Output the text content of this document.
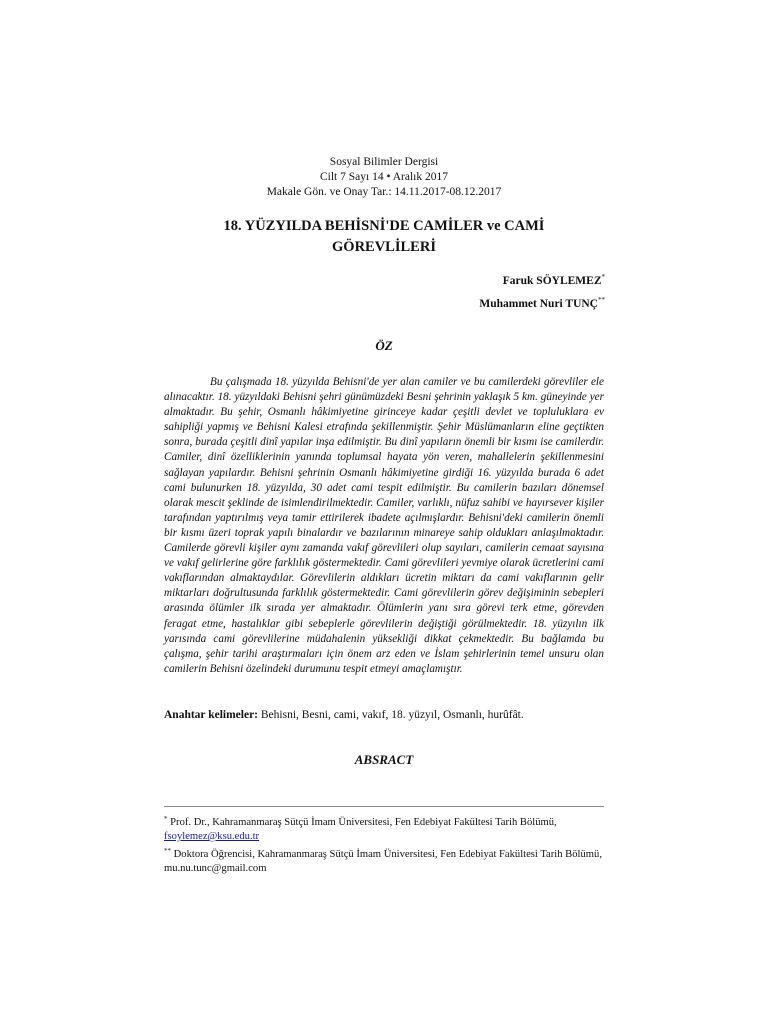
Sosyal Bilimler Dergisi
Cilt 7 Sayı 14 • Aralık 2017
Makale Gön. ve Onay Tar.: 14.11.2017-08.12.2017
18. YÜZYILDA BEHİSNİ'DE CAMİLER ve CAMİ
GÖREVLİLERİ
Faruk SÖYLEMEZ*
Muhammet Nuri TUNÇ**
ÖZ

Bu çalışmada 18. yüzyılda Behisni'de yer alan camiler ve bu camilerdeki görevliler ele alınacaktır. 18. yüzyıldaki Behisni şehri günümüzdeki Besni şehrinin yaklaşık 5 km. güneyinde yer almaktadır. Bu şehir, Osmanlı hâkimiyetine girinceye kadar çeşitli devlet ve topluluklara ev sahipliği yapmış ve Behisni Kalesi etrafında şekillenmiştir. Şehir Müslümanların eline geçtikten sonra, burada çeşitli dinî yapılar inşa edilmiştir. Bu dinî yapıların önemli bir kısmı ise camilerdir. Camiler, dinî özelliklerinin yanında toplumsal hayata yön veren, mahallelerin şekillenmesini sağlayan yapılardır. Behisni şehrinin Osmanlı hâkimiyetine girdiği 16. yüzyılda burada 6 adet cami bulunurken 18. yüzyılda, 30 adet cami tespit edilmiştir. Bu camilerin bazıları dönemsel olarak mescit şeklinde de isimlendirilmektedir. Camiler, varlıklı, nüfuz sahibi ve hayırsever kişiler tarafından yaptırılmış veya tamir ettirilerek ibadete açılmışlardır. Behisni'deki camilerin önemli bir kısmı üzeri toprak yapılı binalardır ve bazılarının minareye sahip oldukları anlaşılmaktadır. Camilerde görevli kişiler aynı zamanda vakıf görevlileri olup sayıları, camilerin cemaat sayısına ve vakıf gelirlerine göre farklılık göstermektedir. Cami görevlileri yevmiye olarak ücretlerini cami vakıflarından almaktaydılar. Görevlilerin aldıkları ücretin miktarı da cami vakıflarının gelir miktarları doğrultusunda farklılık göstermektedir. Cami görevlilerin görev değişiminin sebepleri arasında ölümler ilk sırada yer almaktadır. Ölümlerin yanı sıra görevi terk etme, görevden feragat etme, hastalıklar gibi sebeplerle görevlilerin değiştiği görülmektedir. 18. yüzyılın ilk yarısında cami görevlilerine müdahalenin yüksekliği dikkat çekmektedir. Bu bağlamda bu çalışma, şehir tarihi araştırmaları için önem arz eden ve İslam şehirlerinin temel unsuru olan camilerin Behisni özelindeki durumunu tespit etmeyi amaçlamıştır.

Anahtar kelimeler: Behisni, Besni, cami, vakıf, 18. yüzyıl, Osmanlı, hurûfât.
ABSRACT

* Prof. Dr., Kahramanmaraş Sütçü İmam Üniversitesi, Fen Edebiyat Fakültesi Tarih Bölümü,
fsoylemez@ksu.edu.tr

** Doktora Öğrencisi, Kahramanmaraş Sütçü İmam Üniversitesi, Fen Edebiyat Fakültesi Tarih Bölümü, mu.nu.tunc@gmail.com
